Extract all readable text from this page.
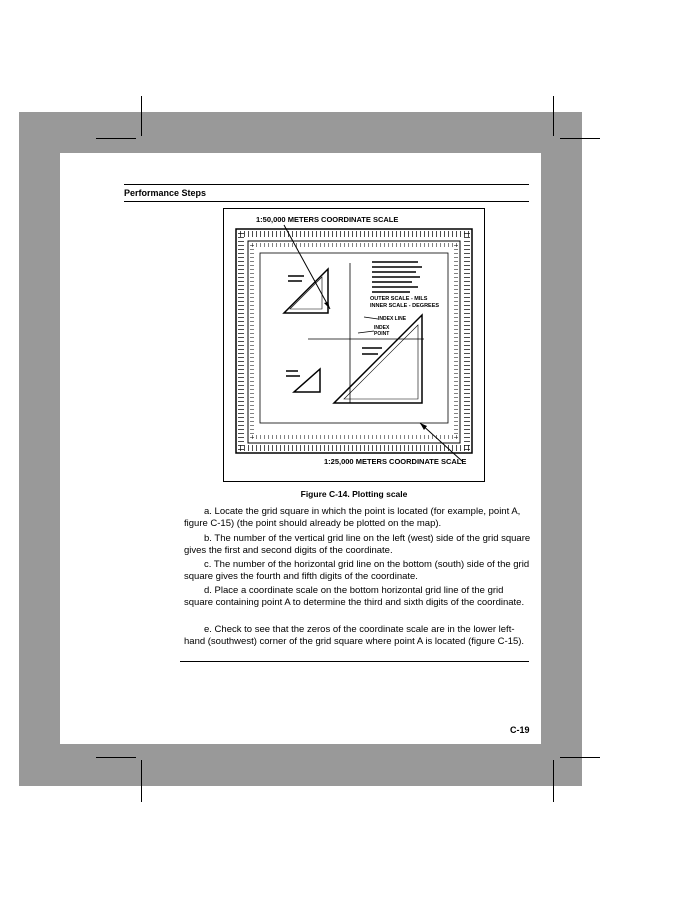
Performance Steps
OUTER SCALE - MILS
INNER SCALE - DEGREES
INDEX LINE
INDEX
POINT
1:50,000 METERS COORDINATE SCALE
1:25,000 METERS COORDINATE SCALE
Figure C-14. Plotting scale

a. Locate the grid square in which the point is located (for example, point A, figure C-15) (the point should already be plotted on the map).

b. The number of the vertical grid line on the left (west) side of the grid square gives the first and second digits of the coordinate.

c. The number of the horizontal grid line on the bottom (south) side of the grid square gives the fourth and fifth digits of the coordinate.

d. Place a coordinate scale on the bottom horizontal grid line of the grid square containing point A to determine the third and sixth digits of the coordinate.

e. Check to see that the zeros of the coordinate scale are in the lower left-hand (southwest) corner of the grid square where point A is located (figure C-15).

C-19
